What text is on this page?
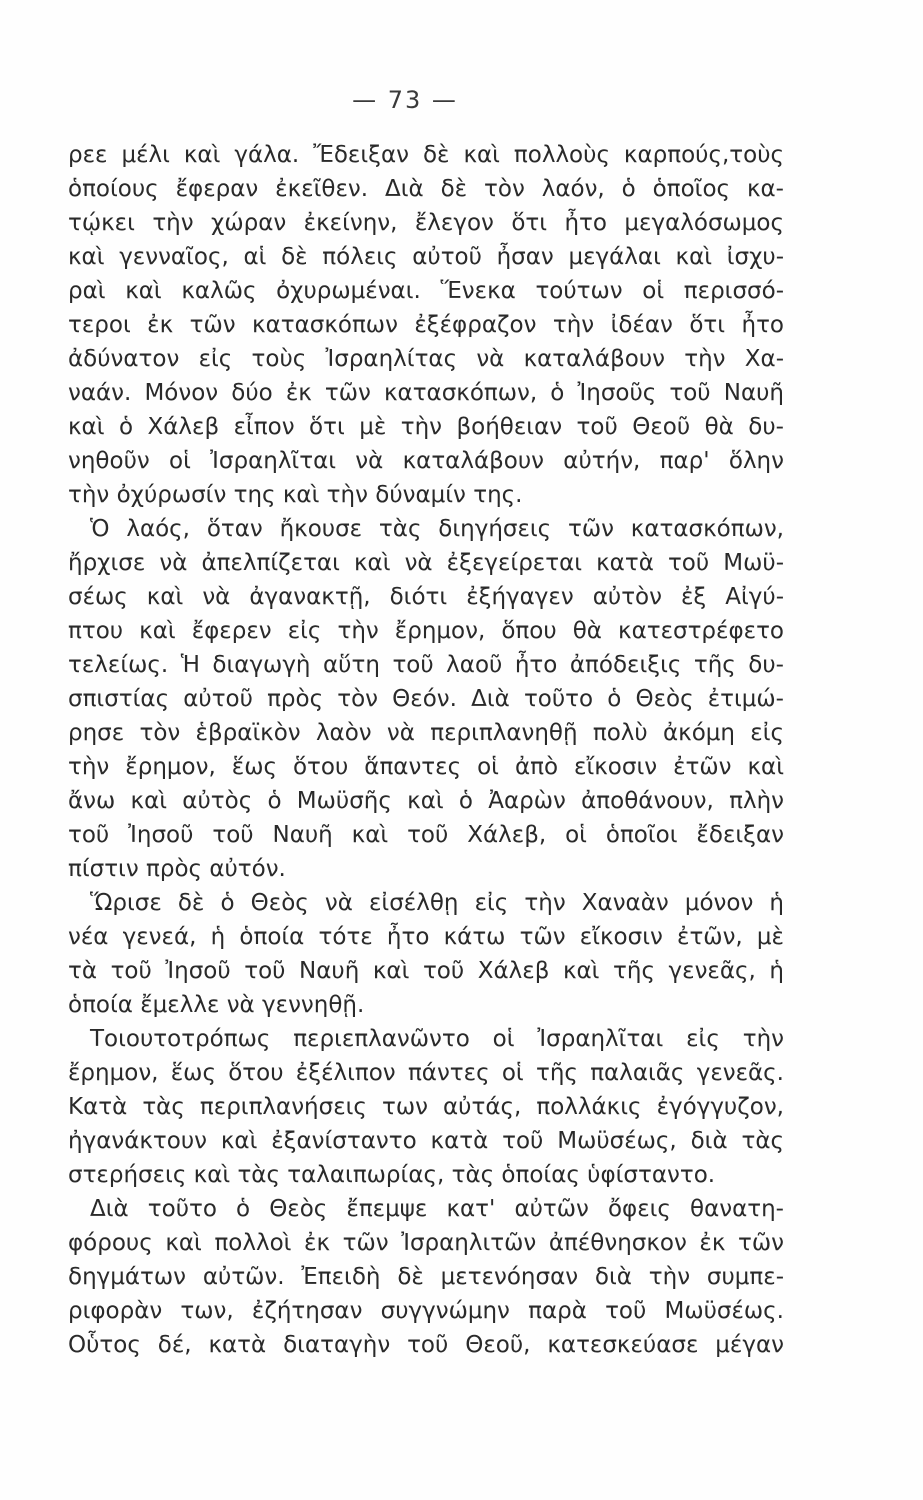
— 73 —
ρεε μέλι καὶ γάλα. Ἔδειξαν δὲ καὶ πολλοὺς καρπούς,τοὺς
ὁποίους ἔφεραν ἐκεῖθεν. Διὰ δὲ τὸν λαόν, ὁ ὁποῖος κα-
τῴκει τὴν χώραν ἐκείνην, ἔλεγον ὅτι ἦτο μεγαλόσωμος
καὶ γενναῖος, αἱ δὲ πόλεις αὐτοῦ ἦσαν μεγάλαι καὶ ἰσχυ-
ραὶ καὶ καλῶς ὀχυρωμέναι. Ἕνεκα τούτων οἱ περισσό-
τεροι ἐκ τῶν κατασκόπων ἐξέφραζον τὴν ἰδέαν ὅτι ἦτο
ἀδύνατον εἰς τοὺς Ἰσραηλίτας νὰ καταλάβουν τὴν Χα-
ναάν. Μόνον δύο ἐκ τῶν κατασκόπων, ὁ Ἰησοῦς τοῦ Ναυῆ
καὶ ὁ Χάλεβ εἶπον ὅτι μὲ τὴν βοήθειαν τοῦ Θεοῦ θὰ δυ-
νηθοῦν οἱ Ἰσραηλῖται νὰ καταλάβουν αὐτήν, παρ' ὅλην
τὴν ὀχύρωσίν της καὶ τὴν δύναμίν της.
Ὁ λαός, ὅταν ἤκουσε τὰς διηγήσεις τῶν κατασκόπων,
ἤρχισε νὰ ἀπελπίζεται καὶ νὰ ἐξεγείρεται κατὰ τοῦ Μωϋ-
σέως καὶ νὰ ἀγανακτῇ, διότι ἐξήγαγεν αὐτὸν ἐξ Αἰγύ-
πτου καὶ ἔφερεν εἰς τὴν ἔρημον, ὅπου θὰ κατεστρέφετο
τελείως. Ἡ διαγωγὴ αὕτη τοῦ λαοῦ ἦτο ἀπόδειξις τῆς δυ-
σπιστίας αὐτοῦ πρὸς τὸν Θεόν. Διὰ τοῦτο ὁ Θεὸς ἐτιμώ-
ρησε τὸν ἑβραϊκὸν λαὸν νὰ περιπλανηθῇ πολὺ ἀκόμη εἰς
τὴν ἔρημον, ἕως ὅτου ἅπαντες οἱ ἀπὸ εἴκοσιν ἐτῶν καὶ
ἄνω καὶ αὐτὸς ὁ Μωϋσῆς καὶ ὁ Ἀαρὼν ἀποθάνουν, πλὴν
τοῦ Ἰησοῦ τοῦ Ναυῆ καὶ τοῦ Χάλεβ, οἱ ὁποῖοι ἔδειξαν
πίστιν πρὸς αὐτόν.
Ὥρισε δὲ ὁ Θεὸς νὰ εἰσέλθῃ εἰς τὴν Χαναὰν μόνον ἡ
νέα γενεά, ἡ ὁποία τότε ἦτο κάτω τῶν εἴκοσιν ἐτῶν, μὲ
τὰ τοῦ Ἰησοῦ τοῦ Ναυῆ καὶ τοῦ Χάλεβ καὶ τῆς γενεᾶς, ἡ
ὁποία ἔμελλε νὰ γεννηθῇ.
Τοιουτοτρόπως περιεπλανῶντο οἱ Ἰσραηλῖται εἰς τὴν
ἔρημον, ἕως ὅτου ἐξέλιπον πάντες οἱ τῆς παλαιᾶς γενεᾶς.
Κατὰ τὰς περιπλανήσεις των αὐτάς, πολλάκις ἐγόγγυζον,
ἠγανάκτουν καὶ ἐξανίσταντο κατὰ τοῦ Μωϋσέως, διὰ τὰς
στερήσεις καὶ τὰς ταλαιπωρίας, τὰς ὁποίας ὑφίσταντο.
Διὰ τοῦτο ὁ Θεὸς ἔπεμψε κατ' αὐτῶν ὄφεις θανατη-
φόρους καὶ πολλοὶ ἐκ τῶν Ἰσραηλιτῶν ἀπέθνησκον ἐκ τῶν
δηγμάτων αὐτῶν. Ἐπειδὴ δὲ μετενόησαν διὰ τὴν συμπε-
ριφορὰν των, ἐζήτησαν συγγνώμην παρὰ τοῦ Μωϋσέως.
Οὗτος δέ, κατὰ διαταγὴν τοῦ Θεοῦ, κατεσκεύασε μέγαν
